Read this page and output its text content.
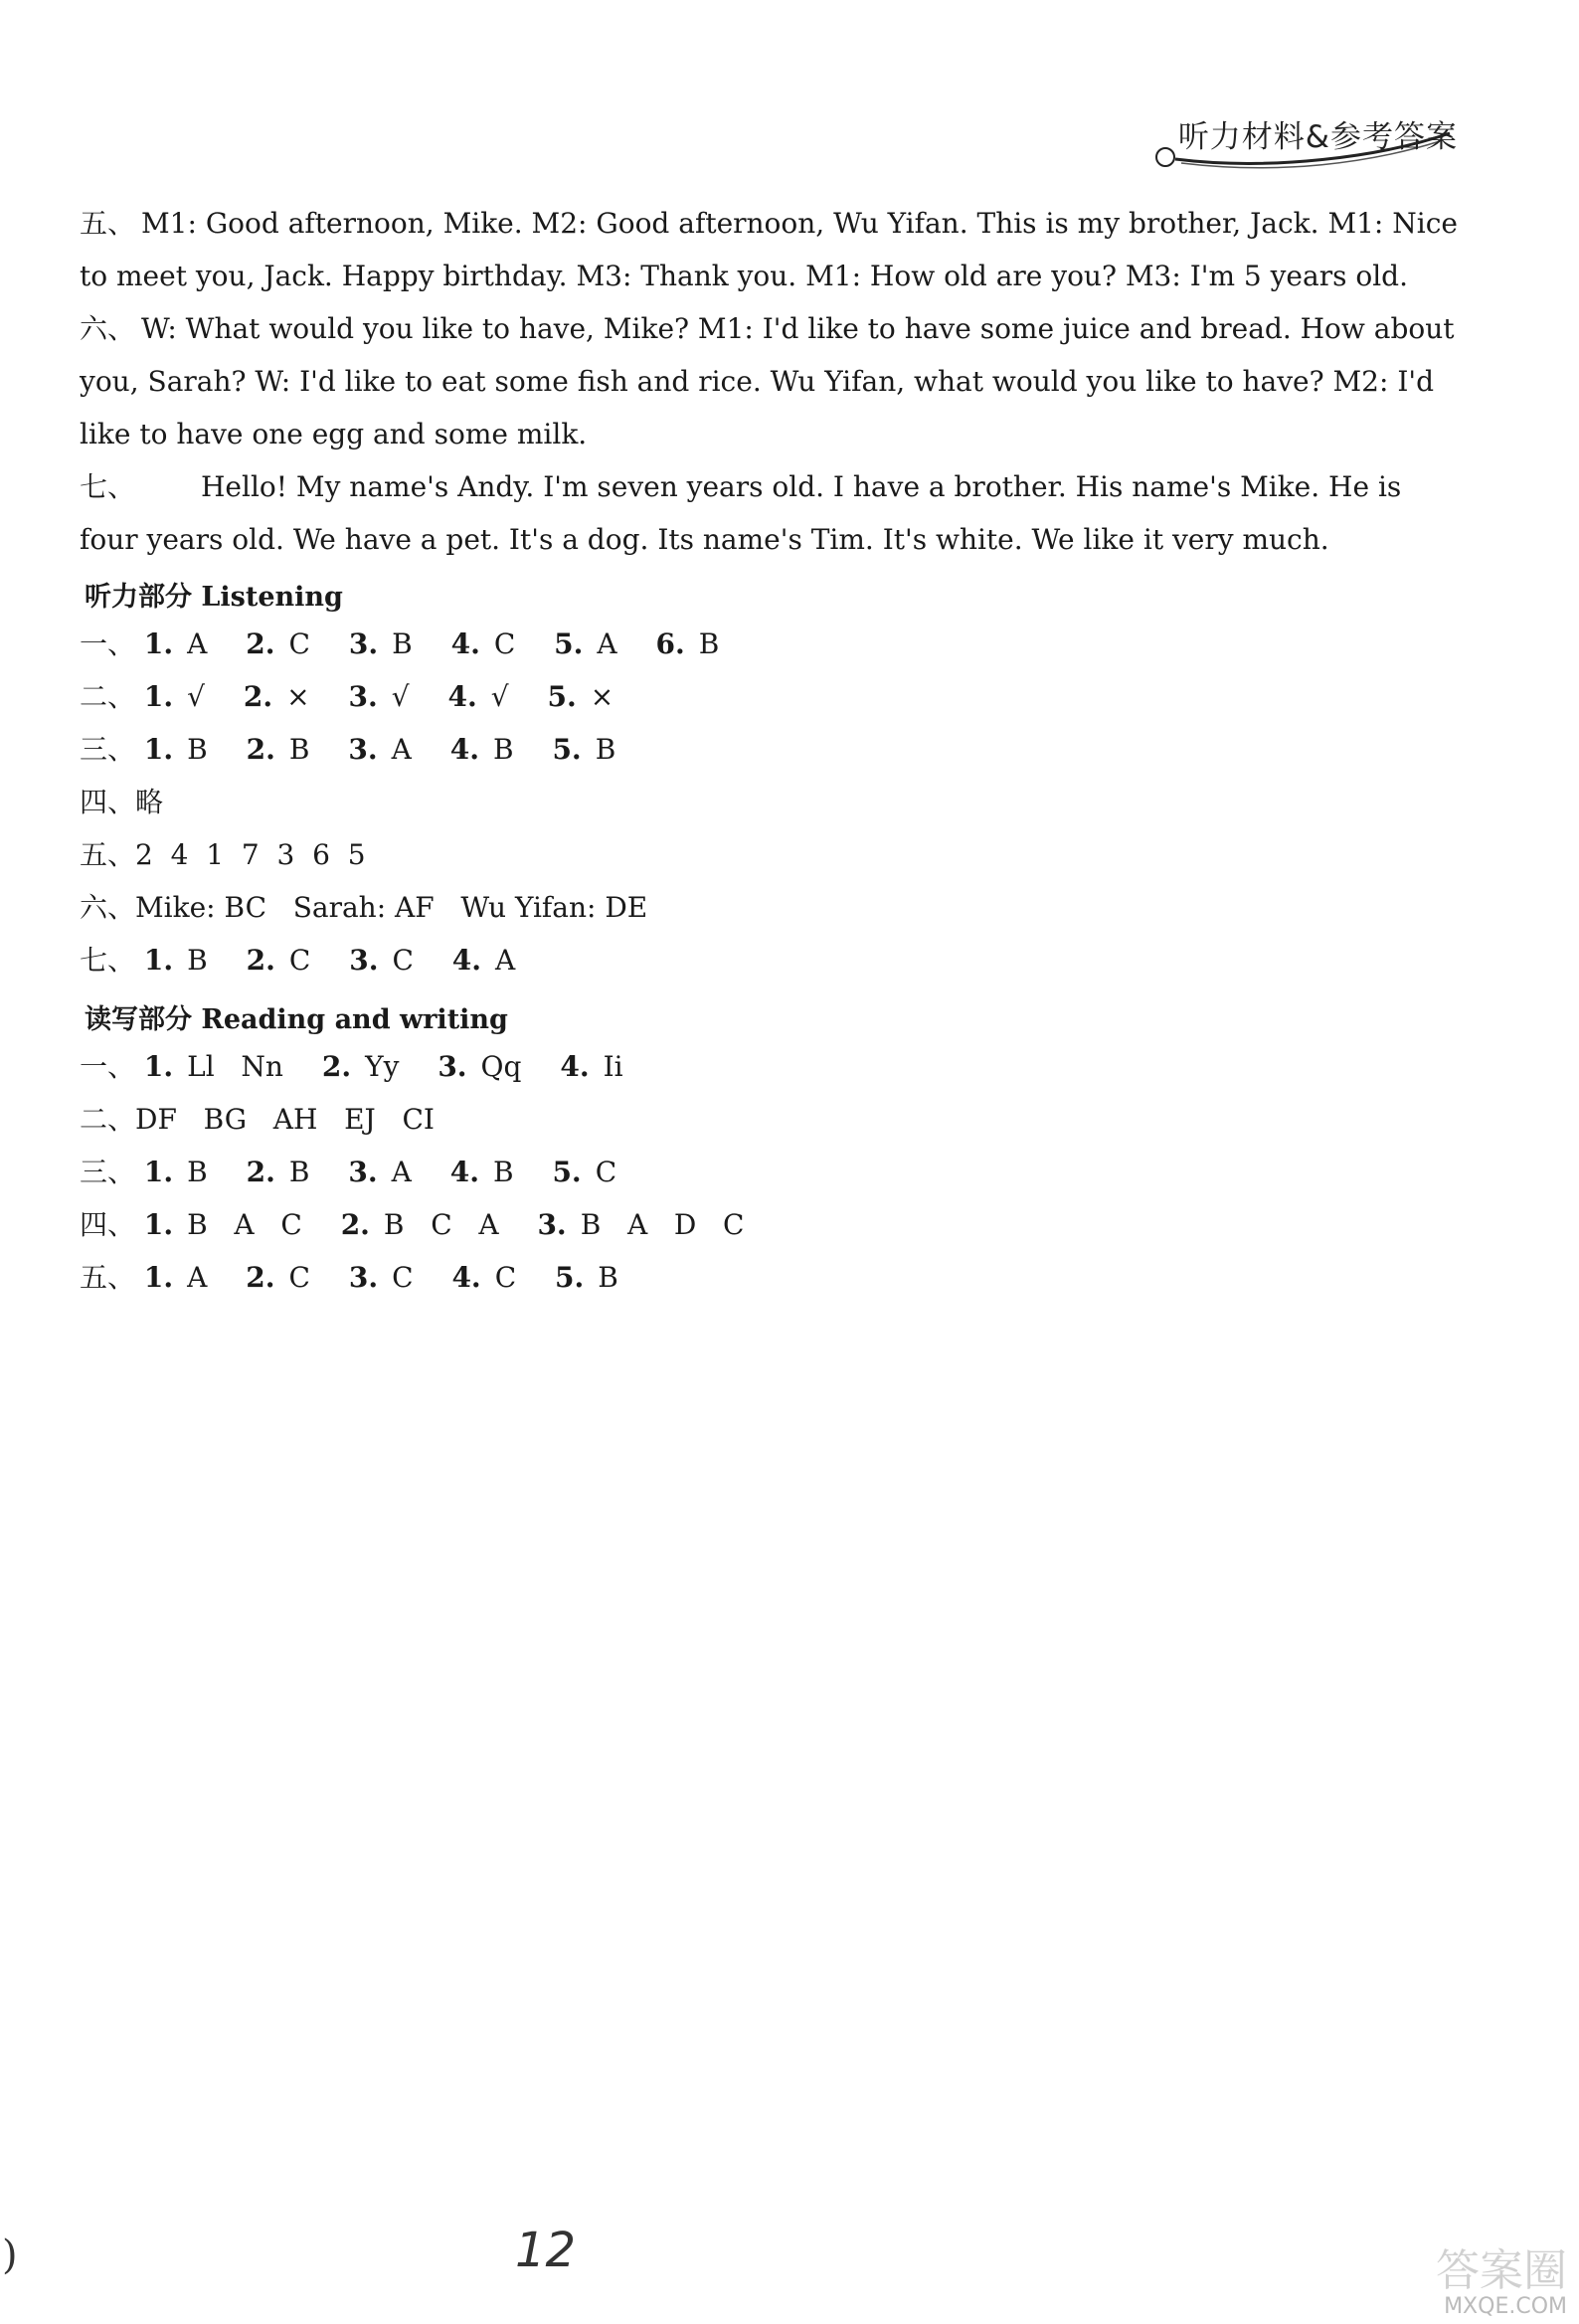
听力材料&参考答案
五、 M1: Good afternoon, Mike. M2: Good afternoon, Wu Yifan. This is my brother, Jack. M1: Nice to meet you, Jack. Happy birthday. M3: Thank you. M1: How old are you? M3: I'm 5 years old.
六、 W: What would you like to have, Mike? M1: I'd like to have some juice and bread. How about you, Sarah? W: I'd like to eat some fish and rice. Wu Yifan, what would you like to have? M2: I'd like to have one egg and some milk.
七、 Hello! My name's Andy. I'm seven years old. I have a brother. His name's Mike. He is four years old. We have a pet. It's a dog. Its name's Tim. It's white. We like it very much.
听力部分 Listening
一、 1. A 2. C 3. B 4. C 5. A 6. B
二、 1. √ 2. × 3. √ 4. √ 5. ×
三、 1. B 2. B 3. A 4. B 5. B
四、略
五、2  4  1  7  3  6  5
六、Mike: BC   Sarah: AF   Wu Yifan: DE
七、 1. B 2. C 3. C 4. A
读写部分 Reading and writing
一、 1. Ll   Nn 2. Yy 3. Qq 4. Ii
二、DF   BG   AH   EJ   CI
三、 1. B 2. B 3. A 4. B 5. C
四、 1. B   A   C 2. B   C   A 3. B   A   D   C
五、 1. A 2. C 3. C 4. C 5. B
12
)	答案圈
MXQE.COM
